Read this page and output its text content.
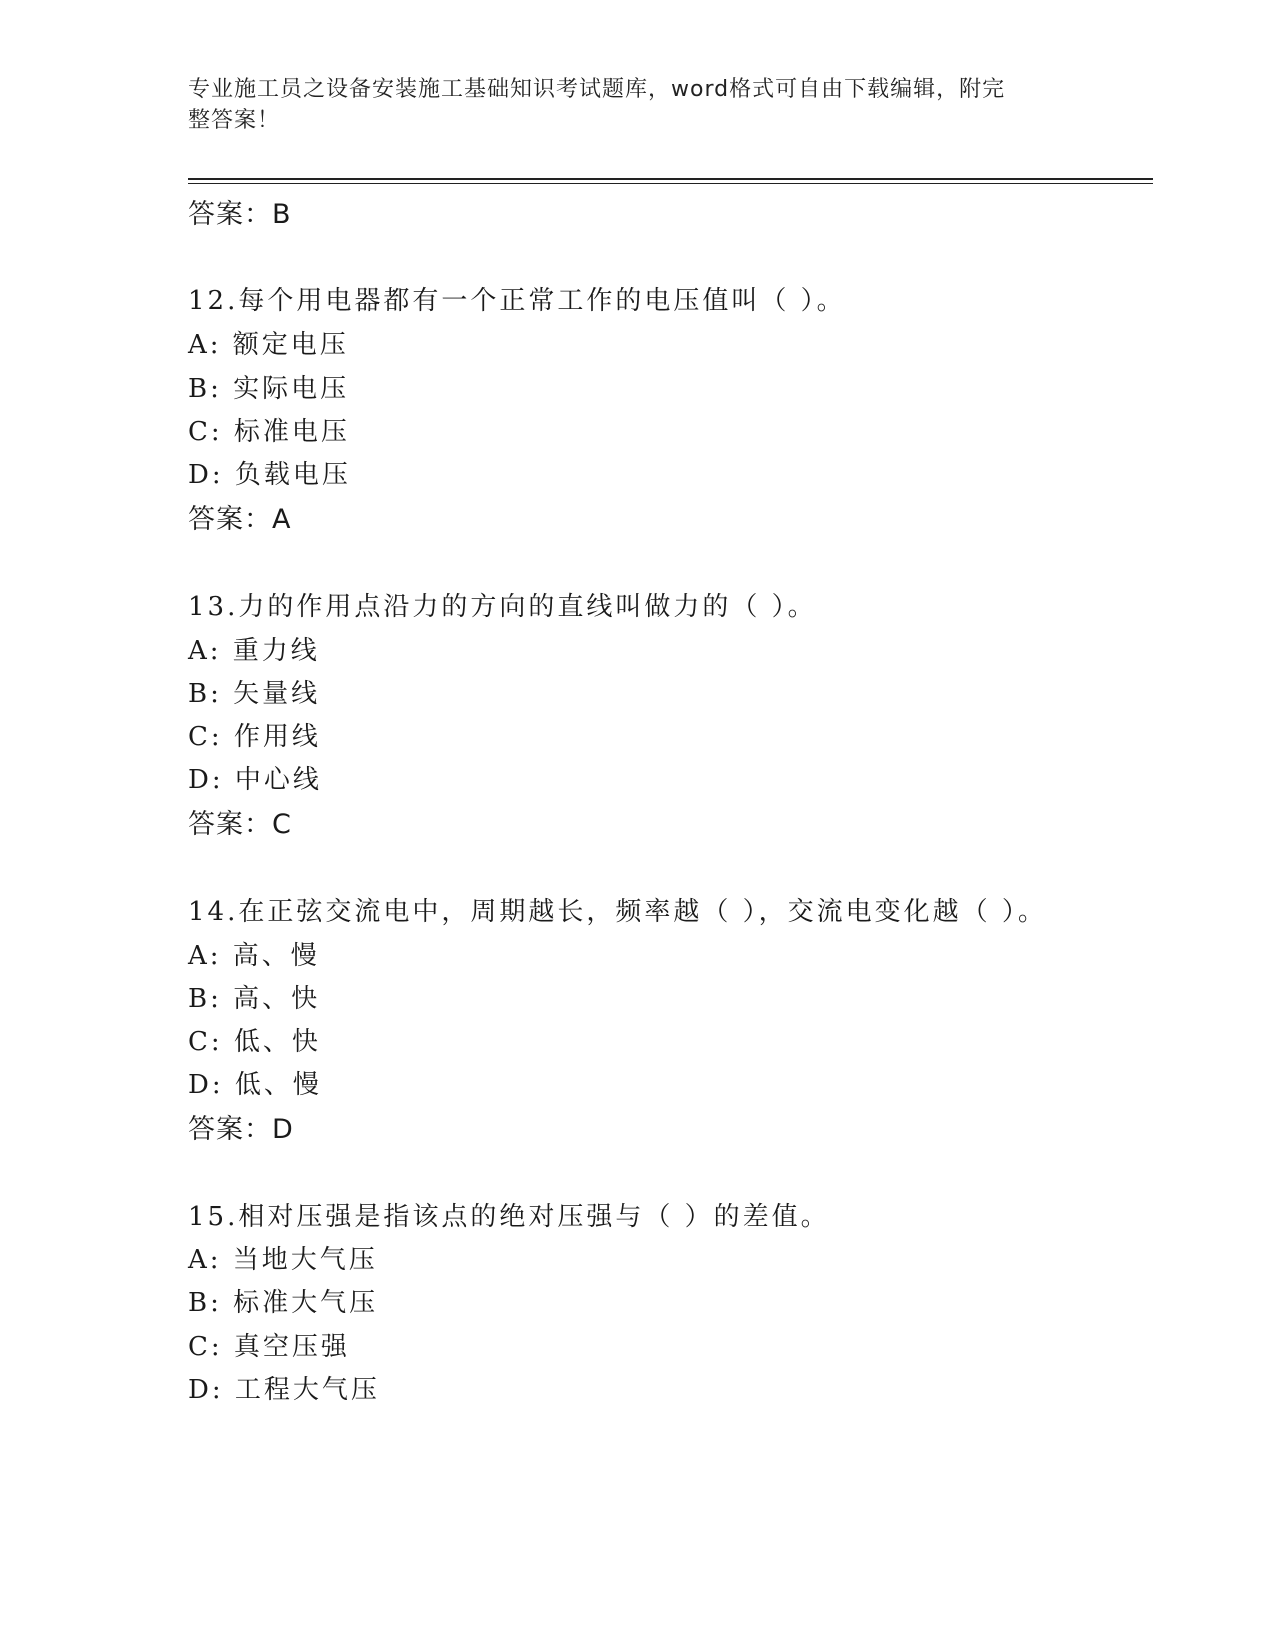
专业施工员之设备安装施工基础知识考试题库，word格式可自由下载编辑，附完
整答案！
答案：B
12.每个用电器都有一个正常工作的电压值叫（ ）。
A: 额定电压
B: 实际电压
C: 标准电压
D: 负载电压
答案：A
13.力的作用点沿力的方向的直线叫做力的（ ）。
A: 重力线
B: 矢量线
C: 作用线
D: 中心线
答案：C
14.在正弦交流电中，周期越长，频率越（ ），交流电变化越（ ）。
A: 高、慢
B: 高、快
C: 低、快
D: 低、慢
答案：D
15.相对压强是指该点的绝对压强与（ ）的差值。
A: 当地大气压
B: 标准大气压
C: 真空压强
D: 工程大气压
